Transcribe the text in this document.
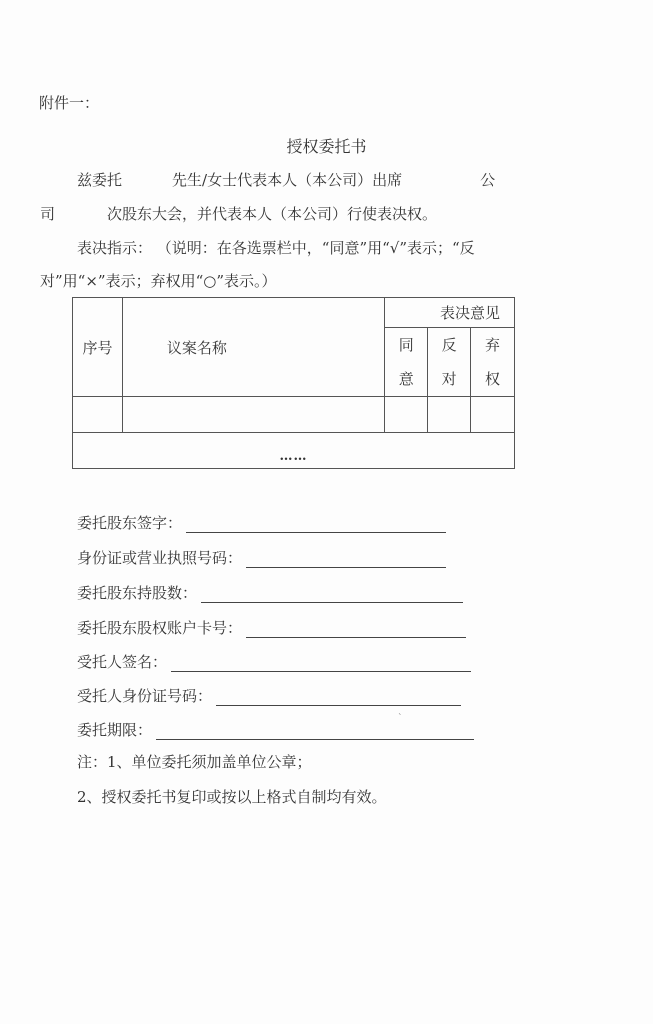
附件一：
授权委托书
兹委托	先生/女士代表本人（本公司）出席	公
司	次股东大会，并代表本人（本公司）行使表决权。
表决指示： （说明：在各选票栏中，“同意”用“√”表示；“反
对”用“×”表示；弃权用“○”表示。）
序号	议案名称	表决意见		
		同	反	弃
		意	对	权

……				
委托股东签字：
身份证或营业执照号码：
委托股东持股数：
委托股东股权账户卡号：
受托人签名：
受托人身份证号码：
委托期限：
`
注：1、单位委托须加盖单位公章；
2、授权委托书复印或按以上格式自制均有效。
